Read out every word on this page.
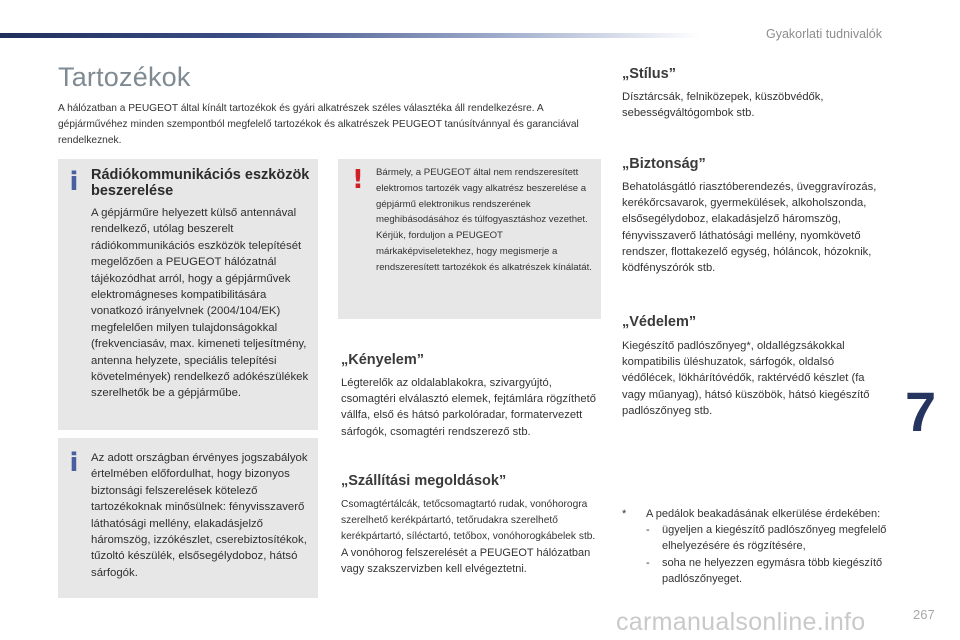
Gyakorlati tudnivalók
Tartozékok

A hálózatban a PEUGEOT által kínált tartozékok és gyári alkatrészek széles választéka áll rendelkezésre. A gépjárművéhez minden szempontból megfelelő tartozékok és alkatrészek PEUGEOT tanúsítvánnyal és garanciával rendelkeznek.

i Rádiókommunikációs eszközök beszerelése

A gépjárműre helyezett külső antennával rendelkező, utólag beszerelt rádiókommunikációs eszközök telepítését megelőzően a PEUGEOT hálózatnál tájékozódhat arról, hogy a gépjárművek elektromágneses kompatibilitására vonatkozó irányelvnek (2004/104/EK) megfelelően milyen tulajdonságokkal (frekvenciasáv, max. kimeneti teljesítmény, antenna helyzete, speciális telepítési követelmények) rendelkező adókészülékek szerelhetők be a gépjárműbe.

i Az adott országban érvényes jogszabályok értelmében előfordulhat, hogy bizonyos biztonsági felszerelések kötelező tartozékoknak minősülnek: fényvisszaverő láthatósági mellény, elakadásjelző háromszög, izzókészlet, cserebiztosítékok, tűzoltó készülék, elsősegélydoboz, hátsó sárfogók.

! Bármely, a PEUGEOT által nem rendszeresített elektromos tartozék vagy alkatrész beszerelése a gépjármű elektronikus rendszerének meghibásodásához és túlfogyasztáshoz vezethet.

Kérjük, forduljon a PEUGEOT márkaképviseletekhez, hogy megismerje a rendszeresített tartozékok és alkatrészek kínálatát.

„Kényelem”

Légterelők az oldalablakokra, szivargyújtó, csomagtéri elválasztó elemek, fejtámlára rögzíthető vállfa, első és hátsó parkolóradar, formatervezett sárfogók, csomagtéri rendszerező stb.

„Szállítási megoldások”

Csomagtértálcák, tetőcsomagtartó rudak, vonóhorogra szerelhető kerékpártartó, tetőrudakra szerelhető kerékpártartó, síléctartó, tetőbox, vonóhorogkábelek stb.

A vonóhorog felszerelését a PEUGEOT hálózatban vagy szakszervizben kell elvégeztetni.

„Stílus”

Dísztárcsák, felniközepek, küszöbvédők, sebességváltógombok stb.

„Biztonság”

Behatolásgátló riasztóberendezés, üveggravírozás, kerékőrcsavarok, gyermekülések, alkoholszonda, elsősegélydoboz, elakadásjelző háromszög, fényvisszaverő láthatósági mellény, nyomkövető rendszer, flottakezelő egység, hóláncok, hózoknik, ködfényszórók stb.

„Védelem”

Kiegészítő padlószőnyeg*, oldallégzsákokkal kompatibilis üléshuzatok, sárfogók, oldalsó védőlécek, lökhárítóvédők, raktérvédő készlet (fa vagy műanyag), hátsó küszöbök, hátsó kiegészítő padlószőnyeg stb.

*	A pedálok beakadásának elkerülése érdekében:
-	ügyeljen a kiegészítő padlószőnyeg megfelelő elhelyezésére és rögzítésére,
-	soha ne helyezzen egymásra több kiegészítő padlószőnyeget.
7
carmanualsonline.info	267
